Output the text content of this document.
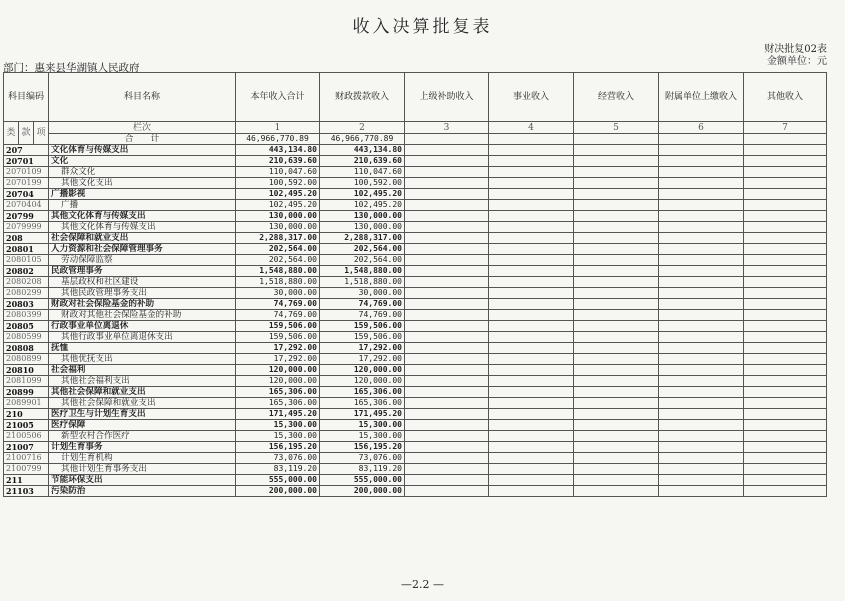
收入决算批复表
财决批复02表
金额单位：元
部门：惠来县华湖镇人民政府
科目编码			科目名称	本年收入合计	财政拨款收入	上级补助收入	事业收入	经营收入	附属单位上缴收入	其他收入
类	款	项	栏次	1	2	3	4	5	6	7
			合　　计	46,966,770.89	46,966,770.89					
207			文化体育与传媒支出	443,134.80	443,134.80					
20701			文化	210,639.60	210,639.60					
2070109			群众文化	110,047.60	110,047.60					
2070199			其他文化支出	100,592.00	100,592.00					
20704			广播影视	102,495.20	102,495.20					
2070404			广播	102,495.20	102,495.20					
20799			其他文化体育与传媒支出	130,000.00	130,000.00					
2079999			其他文化体育与传媒支出	130,000.00	130,000.00					
208			社会保障和就业支出	2,288,317.00	2,288,317.00					
20801			人力资源和社会保障管理事务	202,564.00	202,564.00					
2080105			劳动保障监察	202,564.00	202,564.00					
20802			民政管理事务	1,548,880.00	1,548,880.00					
2080208			基层政权和社区建设	1,518,880.00	1,518,880.00					
2080299			其他民政管理事务支出	30,000.00	30,000.00					
20803			财政对社会保险基金的补助	74,769.00	74,769.00					
2080399			财政对其他社会保险基金的补助	74,769.00	74,769.00					
20805			行政事业单位离退休	159,506.00	159,506.00					
2080599			其他行政事业单位离退休支出	159,506.00	159,506.00					
20808			抚恤	17,292.00	17,292.00					
2080899			其他优抚支出	17,292.00	17,292.00					
20810			社会福利	120,000.00	120,000.00					
2081099			其他社会福利支出	120,000.00	120,000.00					
20899			其他社会保障和就业支出	165,306.00	165,306.00					
2089901			其他社会保障和就业支出	165,306.00	165,306.00					
210			医疗卫生与计划生育支出	171,495.20	171,495.20					
21005			医疗保障	15,300.00	15,300.00					
2100506			新型农村合作医疗	15,300.00	15,300.00					
21007			计划生育事务	156,195.20	156,195.20					
2100716			计划生育机构	73,076.00	73,076.00					
2100799			其他计划生育事务支出	83,119.20	83,119.20					
211			节能环保支出	555,000.00	555,000.00					
21103			污染防治	200,000.00	200,000.00					
—2.2 —
